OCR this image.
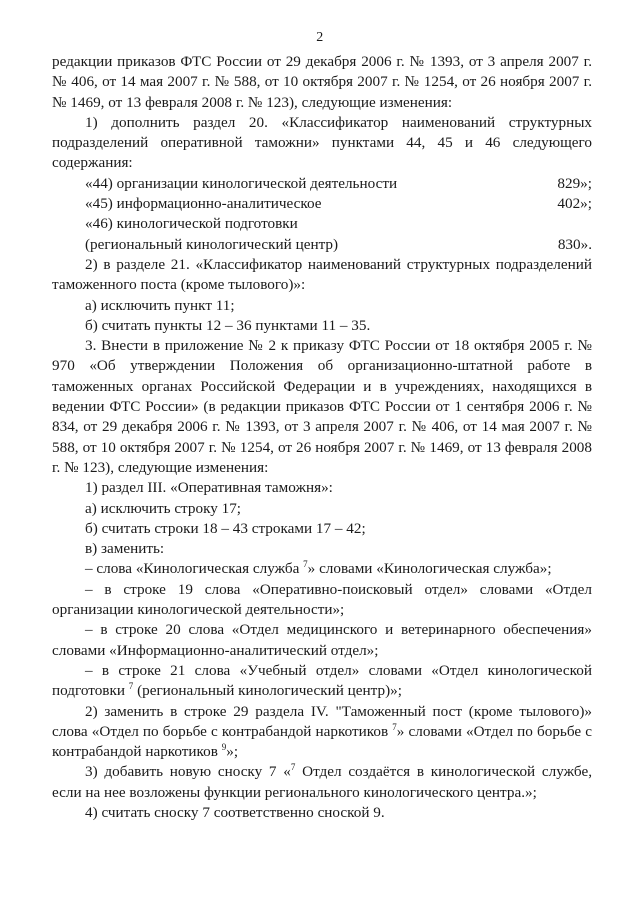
2

редакции приказов ФТС России от 29 декабря 2006 г. № 1393, от 3 апреля 2007 г. № 406, от 14 мая 2007 г. № 588, от 10 октября 2007 г. № 1254, от 26 ноября 2007 г. № 1469, от 13 февраля 2008 г. № 123), следующие изменения:

1) дополнить раздел 20. «Классификатор наименований структурных подразделений оперативной таможни» пунктами 44, 45 и 46 следующего содержания:

«44) организации кинологической деятельности	829»;
«45) информационно-аналитическое	402»;
«46) кинологической подготовки
(региональный кинологический центр)	830».

2) в разделе 21. «Классификатор наименований структурных подразделений таможенного поста (кроме тылового)»:

а) исключить пункт 11;

б) считать пункты 12 – 36 пунктами 11 – 35.

3. Внести в приложение № 2 к приказу ФТС России от 18 октября 2005 г. № 970 «Об утверждении Положения об организационно-штатной работе в таможенных органах Российской Федерации и в учреждениях, находящихся в ведении ФТС России» (в редакции приказов ФТС России от 1 сентября 2006 г. № 834, от 29 декабря 2006 г. № 1393, от 3 апреля 2007 г. № 406, от 14 мая 2007 г. № 588, от 10 октября 2007 г. № 1254, от 26 ноября 2007 г. № 1469, от 13 февраля 2008 г. № 123), следующие изменения:

1) раздел III. «Оперативная таможня»:

а) исключить строку 17;

б) считать строки 18 – 43 строками 17 – 42;

в) заменить:

– слова «Кинологическая служба $^7$» словами «Кинологическая служба»;

– в строке 19 слова «Оперативно-поисковый отдел» словами «Отдел организации кинологической деятельности»;

– в строке 20 слова «Отдел медицинского и ветеринарного обеспечения» словами «Информационно-аналитический отдел»;

– в строке 21 слова «Учебный отдел» словами «Отдел кинологической подготовки $^7$ (региональный кинологический центр)»;

2) заменить в строке 29 раздела IV. "Таможенный пост (кроме тылового)» слова «Отдел по борьбе с контрабандой наркотиков $^7$» словами «Отдел по борьбе с контрабандой наркотиков $^9$»;

3) добавить новую сноску 7 «$^7$ Отдел создаётся в кинологической службе, если на нее возложены функции регионального кинологического центра.»;

4) считать сноску 7 соответственно сноской 9.
